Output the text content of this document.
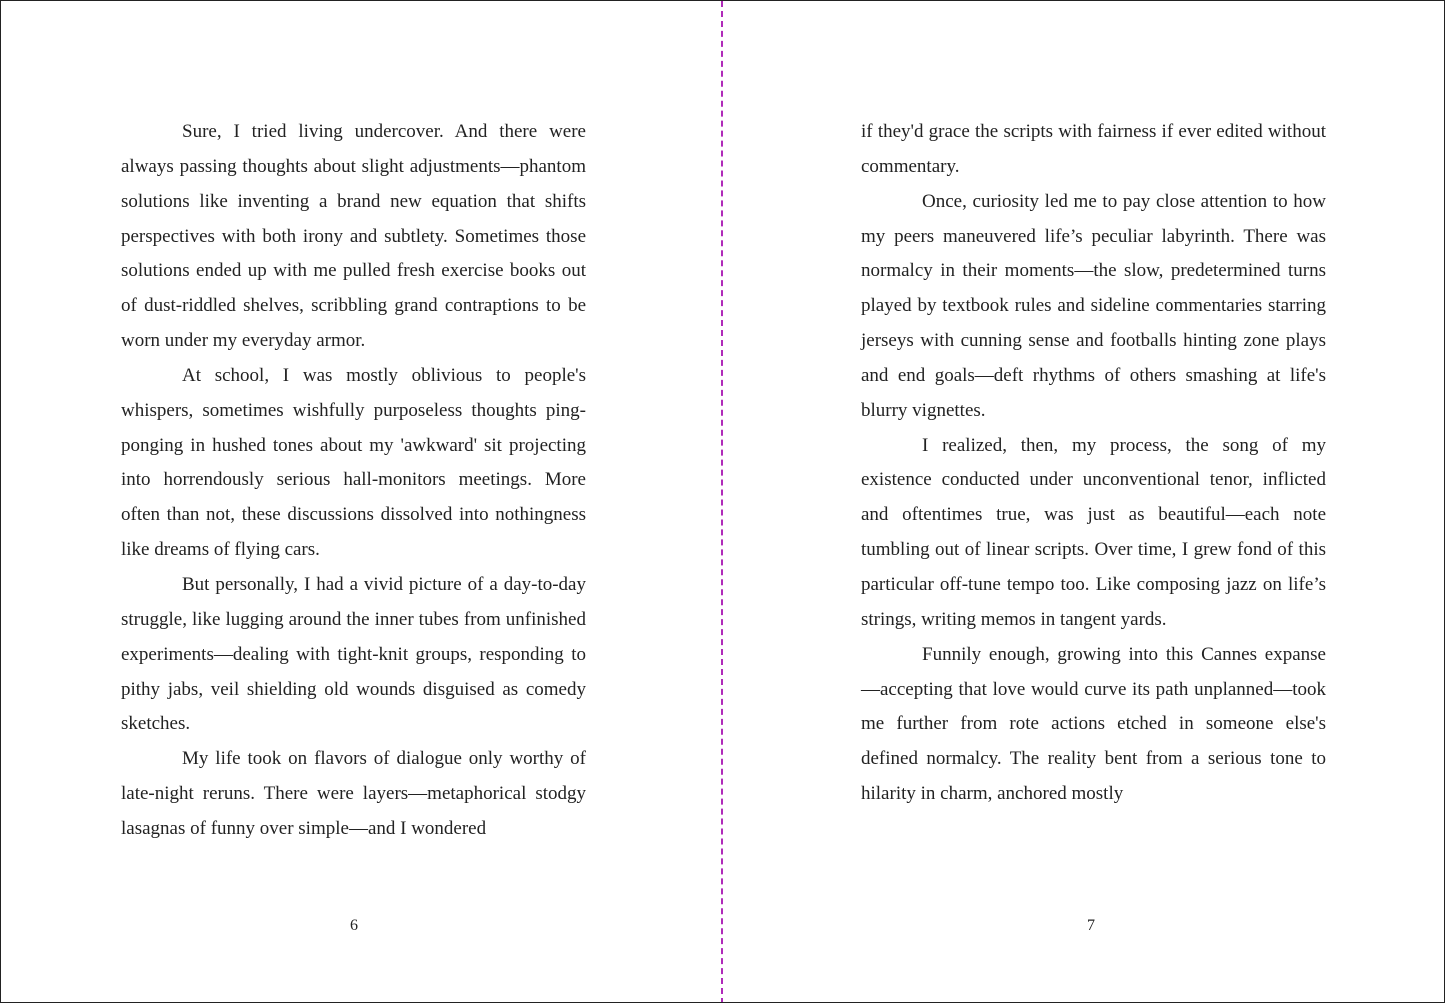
Sure, I tried living undercover. And there were always passing thoughts about slight adjustments—phantom solutions like inventing a brand new equation that shifts perspectives with both irony and subtlety. Sometimes those solutions ended up with me pulled fresh exercise books out of dust-riddled shelves, scribbling grand contraptions to be worn under my everyday armor.

At school, I was mostly oblivious to people's whispers, sometimes wishfully purposeless thoughts ping-ponging in hushed tones about my 'awkward' sit projecting into horrendously serious hall-monitors meetings. More often than not, these discussions dissolved into nothingness like dreams of flying cars.

But personally, I had a vivid picture of a day-to-day struggle, like lugging around the inner tubes from unfinished experiments—dealing with tight-knit groups, responding to pithy jabs, veil shielding old wounds disguised as comedy sketches.

My life took on flavors of dialogue only worthy of late-night reruns. There were layers—metaphorical stodgy lasagnas of funny over simple—and I wondered

6

if they'd grace the scripts with fairness if ever edited without commentary.

Once, curiosity led me to pay close attention to how my peers maneuvered life’s peculiar labyrinth. There was normalcy in their moments—the slow, predetermined turns played by textbook rules and sideline commentaries starring jerseys with cunning sense and footballs hinting zone plays and end goals—deft rhythms of others smashing at life's blurry vignettes.

I realized, then, my process, the song of my existence conducted under unconventional tenor, inflicted and oftentimes true, was just as beautiful—each note tumbling out of linear scripts. Over time, I grew fond of this particular off-tune tempo too. Like composing jazz on life’s strings, writing memos in tangent yards.

Funnily enough, growing into this Cannes expanse—accepting that love would curve its path unplanned—took me further from rote actions etched in someone else's defined normalcy. The reality bent from a serious tone to hilarity in charm, anchored mostly

7
